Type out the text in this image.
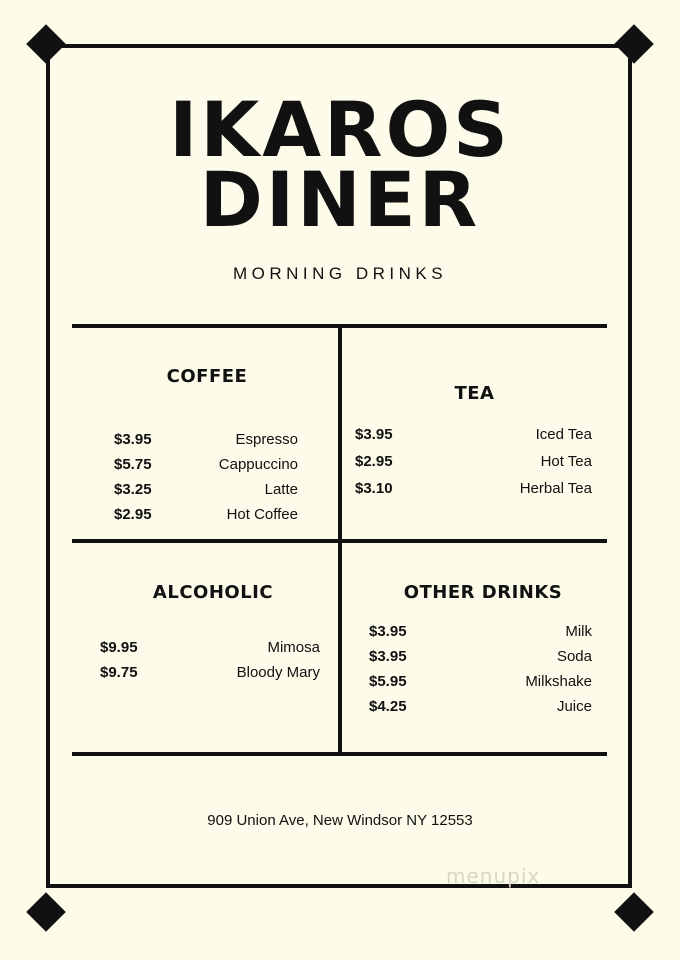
IKAROS
DINER
MORNING DRINKS
COFFEE
$3.95	Espresso
$5.75	Cappuccino
$3.25	Latte
$2.95	Hot Coffee
TEA
$3.95	Iced Tea
$2.95	Hot Tea
$3.10	Herbal Tea
ALCOHOLIC
$9.95	Mimosa
$9.75	Bloody Mary
OTHER DRINKS
$3.95	Milk
$3.95	Soda
$5.95	Milkshake
$4.25	Juice
909 Union Ave, New Windsor NY 12553
menupix
